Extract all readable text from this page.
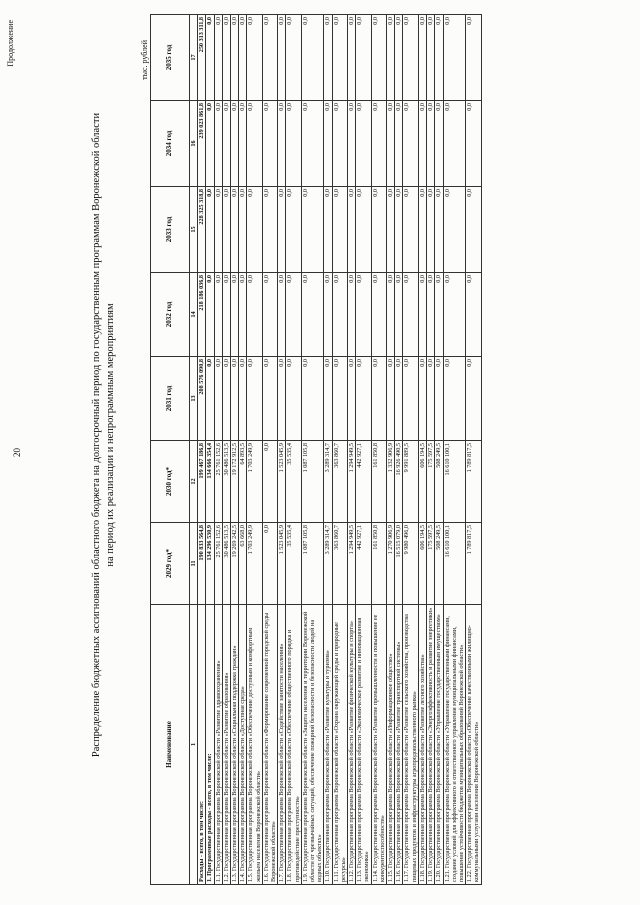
20
Продолжение
Распределение бюджетных ассигнований областного бюджета на долгосрочный период по государственным программам Воронежской области на период их реализации и непрограммным мероприятиям
тыс. рублей
Наименование	2029 год*	2030 год*	2031 год	2032 год	2033 год	2034 год	2035 год
1	11	12	13	14	15	16	17
Расходы - всего, в том числе:	190 833 564,8	199 467 186,8	208 576 090,8	218 186 036,8	228 325 318,8	239 023 861,8	250 313 311,8
1. Программные расходы - всего, в том числе:	134 296 530,9	134 666 354,4	0,0	0,0	0,0	0,0	0,0
1.1. Государственная программа Воронежской области «Развитие здравоохранения»	25 761 152,6	25 761 152,6	0,0	0,0	0,0	0,0	0,0
1.2. Государственная программа Воронежской области «Развитие образования»	30 486 513,5	30 486 513,5	0,0	0,0	0,0	0,0	0,0
1.3. Государственная программа Воронежской области «Социальная поддержка граждан»	19 269 242,5	19 172 912,5	0,0	0,0	0,0	0,0	0,0
1.4. Государственная программа Воронежской области «Доступная среда»	63 668,0	64 893,5	0,0	0,0	0,0	0,0	0,0
1.5. Государственная программа Воронежской области «Обеспечение доступным и комфортным жильем населения Воронежской области»	1 703 249,9	1 703 249,9	0,0	0,0	0,0	0,0	0,0
1.6. Государственная программа Воронежской области «Формирование современной городской среды Воронежской области»	0,0	0,0	0,0	0,0	0,0	0,0	0,0
1.7. Государственная программа Воронежской области «Содействие занятости населения»	1 523 045,9	1 523 045,9	0,0	0,0	0,0	0,0	0,0
1.8. Государственная программа Воронежской области «Обеспечение общественного порядка и противодействие преступности»	35 535,4	35 535,4	0,0	0,0	0,0	0,0	0,0
1.9. Государственная программа Воронежской области «Защита населения и территории Воронежской области от чрезвычайных ситуаций, обеспечение пожарной безопасности и безопасности людей на водных объектах»	1 087 105,8	1 087 105,8	0,0	0,0	0,0	0,0	0,0
1.10. Государственная программа Воронежской области «Развитие культуры и туризма»	3 289 314,7	3 289 314,7	0,0	0,0	0,0	0,0	0,0
1.11. Государственная программа Воронежской области «Охрана окружающей среды и природные ресурсы»	363 860,7	363 860,7	0,0	0,0	0,0	0,0	0,0
1.12. Государственная программа Воронежской области «Развитие физической культуры и спорта»	1 294 949,5	1 294 949,5	0,0	0,0	0,0	0,0	0,0
1.13. Государственная программа Воронежской области «Экономическое развитие и инновационная экономика»	442 927,1	442 927,1	0,0	0,0	0,0	0,0	0,0
1.14. Государственная программа Воронежской области «Развитие промышленности и повышение ее конкурентоспособности»	161 850,8	161 850,8	0,0	0,0	0,0	0,0	0,0
1.15. Государственная программа Воронежской области «Информационное общество»	1 270 906,9	1 332 906,9	0,0	0,0	0,0	0,0	0,0
1.16. Государственная программа Воронежской области «Развитие транспортной системы»	16 515 079,0	16 926 490,5	0,0	0,0	0,0	0,0	0,0
1.17. Государственная программа Воронежской области «Развитие сельского хозяйства, производства пищевых продуктов и инфраструктуры агропродовольственного рынка»	9 980 496,0	9 991 889,5	0,0	0,0	0,0	0,0	0,0
1.18. Государственная программа Воронежской области «Развитие лесного хозяйства»	606 194,5	606 194,5	0,0	0,0	0,0	0,0	0,0
1.19. Государственная программа Воронежской области «Энергоэффективность и развитие энергетики»	175 597,5	175 597,5	0,0	0,0	0,0	0,0	0,0
1.20. Государственная программа Воронежской области «Управление государственным имуществом»	508 249,5	508 249,5	0,0	0,0	0,0	0,0	0,0
1.21. Государственная программа Воронежской области «Управление государственными финансами, создание условий для эффективного и ответственного управления муниципальными финансами, повышение устойчивости бюджетов муниципальных образований Воронежской области»	16 610 100,1	16 610 100,1	0,0	0,0	0,0	0,0	0,0
1.22. Государственная программа Воронежской области «Обеспечение качественными жилищно-коммунальными услугами населения Воронежской области»	1 789 817,5	1 789 817,5	0,0	0,0	0,0	0,0	0,0
